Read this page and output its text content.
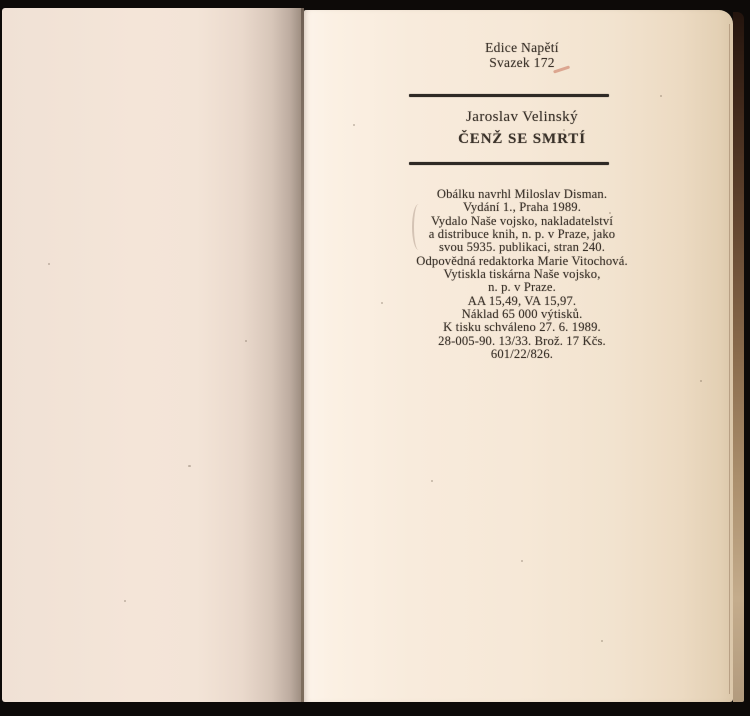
Edice Napětí
Svazek 172
Jaroslav Velinský
ČENŽ SE SMRTÍ
Obálku navrhl Miloslav Disman.
Vydání 1., Praha 1989.
Vydalo Naše vojsko, nakladatelství
a distribuce knih, n. p. v Praze, jako
svou 5935. publikaci, stran 240.
Odpovědná redaktorka Marie Vitochová.
Vytiskla tiskárna Naše vojsko,
n. p. v Praze.
AA 15,49, VA 15,97.
Náklad 65 000 výtisků.
K tisku schváleno 27. 6. 1989.
28-005-90. 13/33. Brož. 17 Kčs.
601/22/826.
